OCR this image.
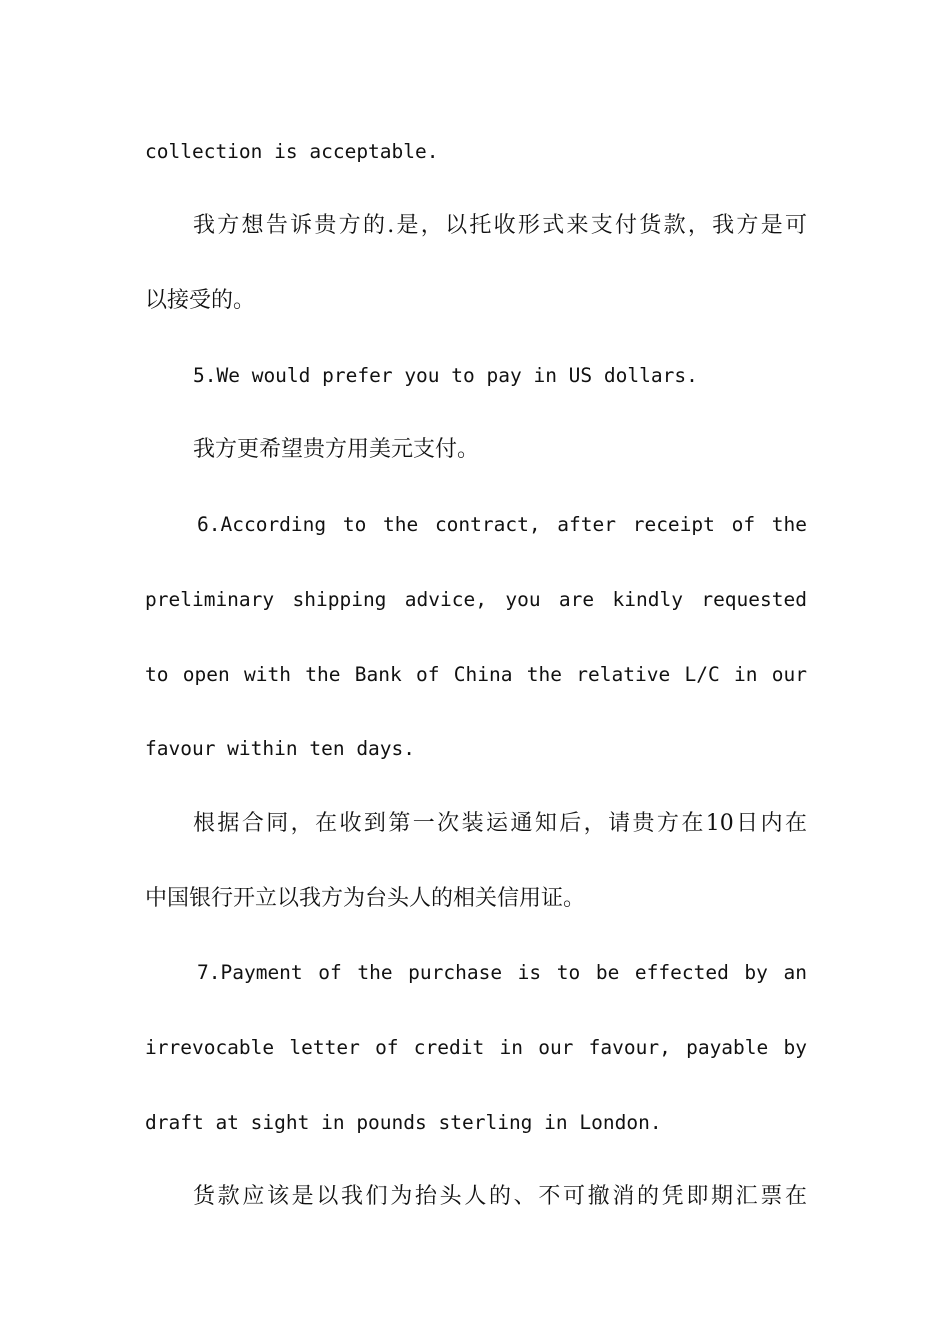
collection is acceptable.
我方想告诉贵方的.是，以托收形式来支付货款，我方是可
以接受的。
5.We would prefer you to pay in US dollars.
我方更希望贵方用美元支付。
6.According to the contract, after receipt of the
preliminary shipping advice, you are kindly requested
to open with the Bank of China the relative L/C in our
favour within ten days.
根据合同，在收到第一次装运通知后，请贵方在10日内在
中国银行开立以我方为台头人的相关信用证。
7.Payment of the purchase is to be effected by an
irrevocable letter of credit in our favour, payable by
draft at sight in pounds sterling in London.
货款应该是以我们为抬头人的、不可撤消的凭即期汇票在
